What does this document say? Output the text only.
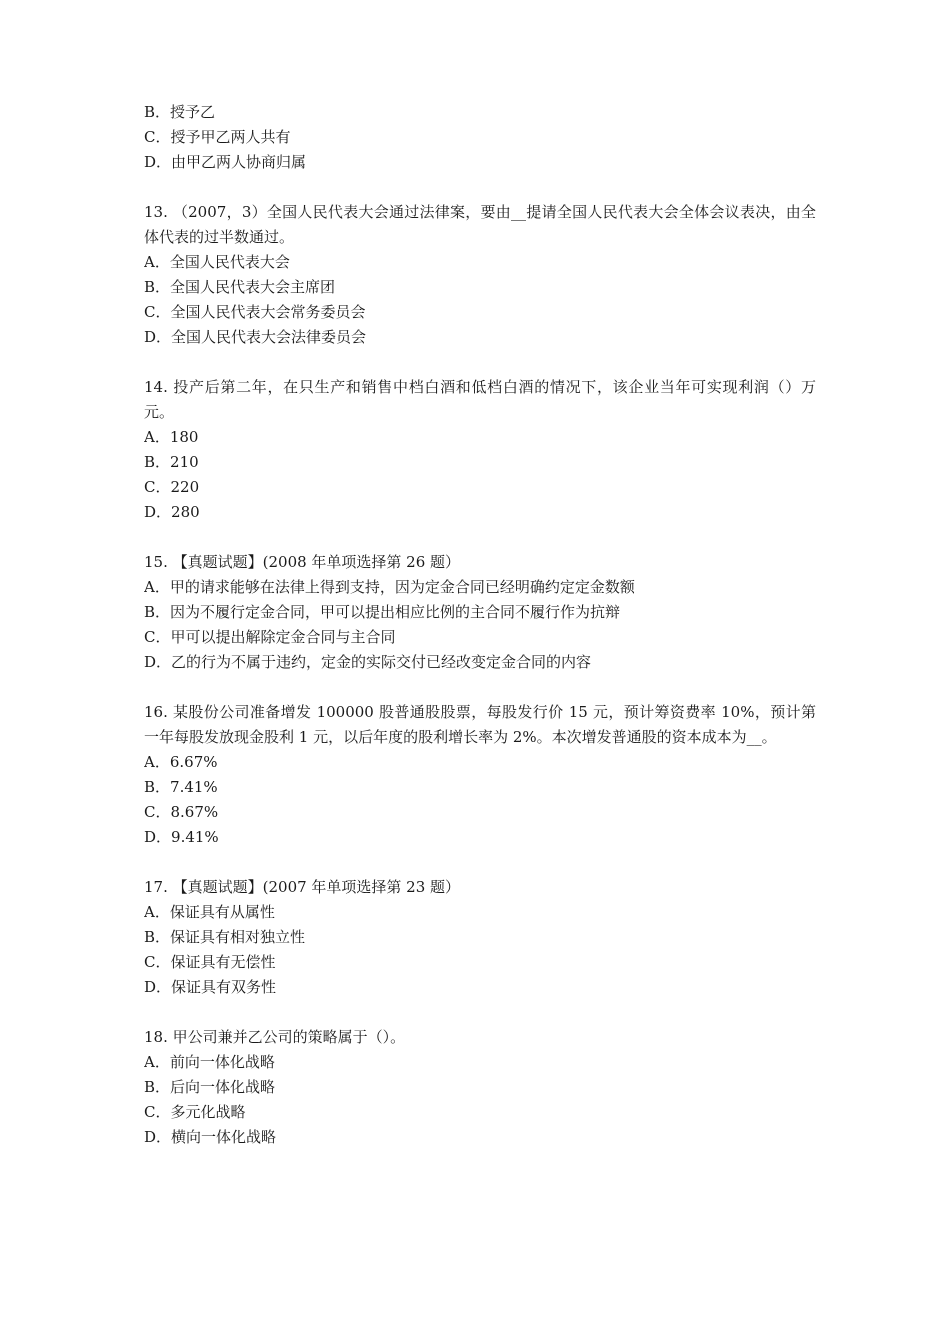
B．授予乙
C．授予甲乙两人共有
D．由甲乙两人协商归属
13. （2007，3）全国人民代表大会通过法律案，要由__提请全国人民代表大会全体会议表决，由全体代表的过半数通过。
A．全国人民代表大会
B．全国人民代表大会主席团
C．全国人民代表大会常务委员会
D．全国人民代表大会法律委员会
14. 投产后第二年，在只生产和销售中档白酒和低档白酒的情况下，该企业当年可实现利润（）万元。
A．180
B．210
C．220
D．280
15. 【真题试题】(2008 年单项选择第 26 题）
A．甲的请求能够在法律上得到支持，因为定金合同已经明确约定定金数额
B．因为不履行定金合同，甲可以提出相应比例的主合同不履行作为抗辩
C．甲可以提出解除定金合同与主合同
D．乙的行为不属于违约，定金的实际交付已经改变定金合同的内容
16. 某股份公司准备增发 100000 股普通股股票，每股发行价 15 元，预计筹资费率 10%，预计第一年每股发放现金股利 1 元，以后年度的股利增长率为 2%。本次增发普通股的资本成本为__。
A．6.67%
B．7.41%
C．8.67%
D．9.41%
17. 【真题试题】(2007 年单项选择第 23 题）
A．保证具有从属性
B．保证具有相对独立性
C．保证具有无偿性
D．保证具有双务性
18. 甲公司兼并乙公司的策略属于（）。
A．前向一体化战略
B．后向一体化战略
C．多元化战略
D．横向一体化战略
